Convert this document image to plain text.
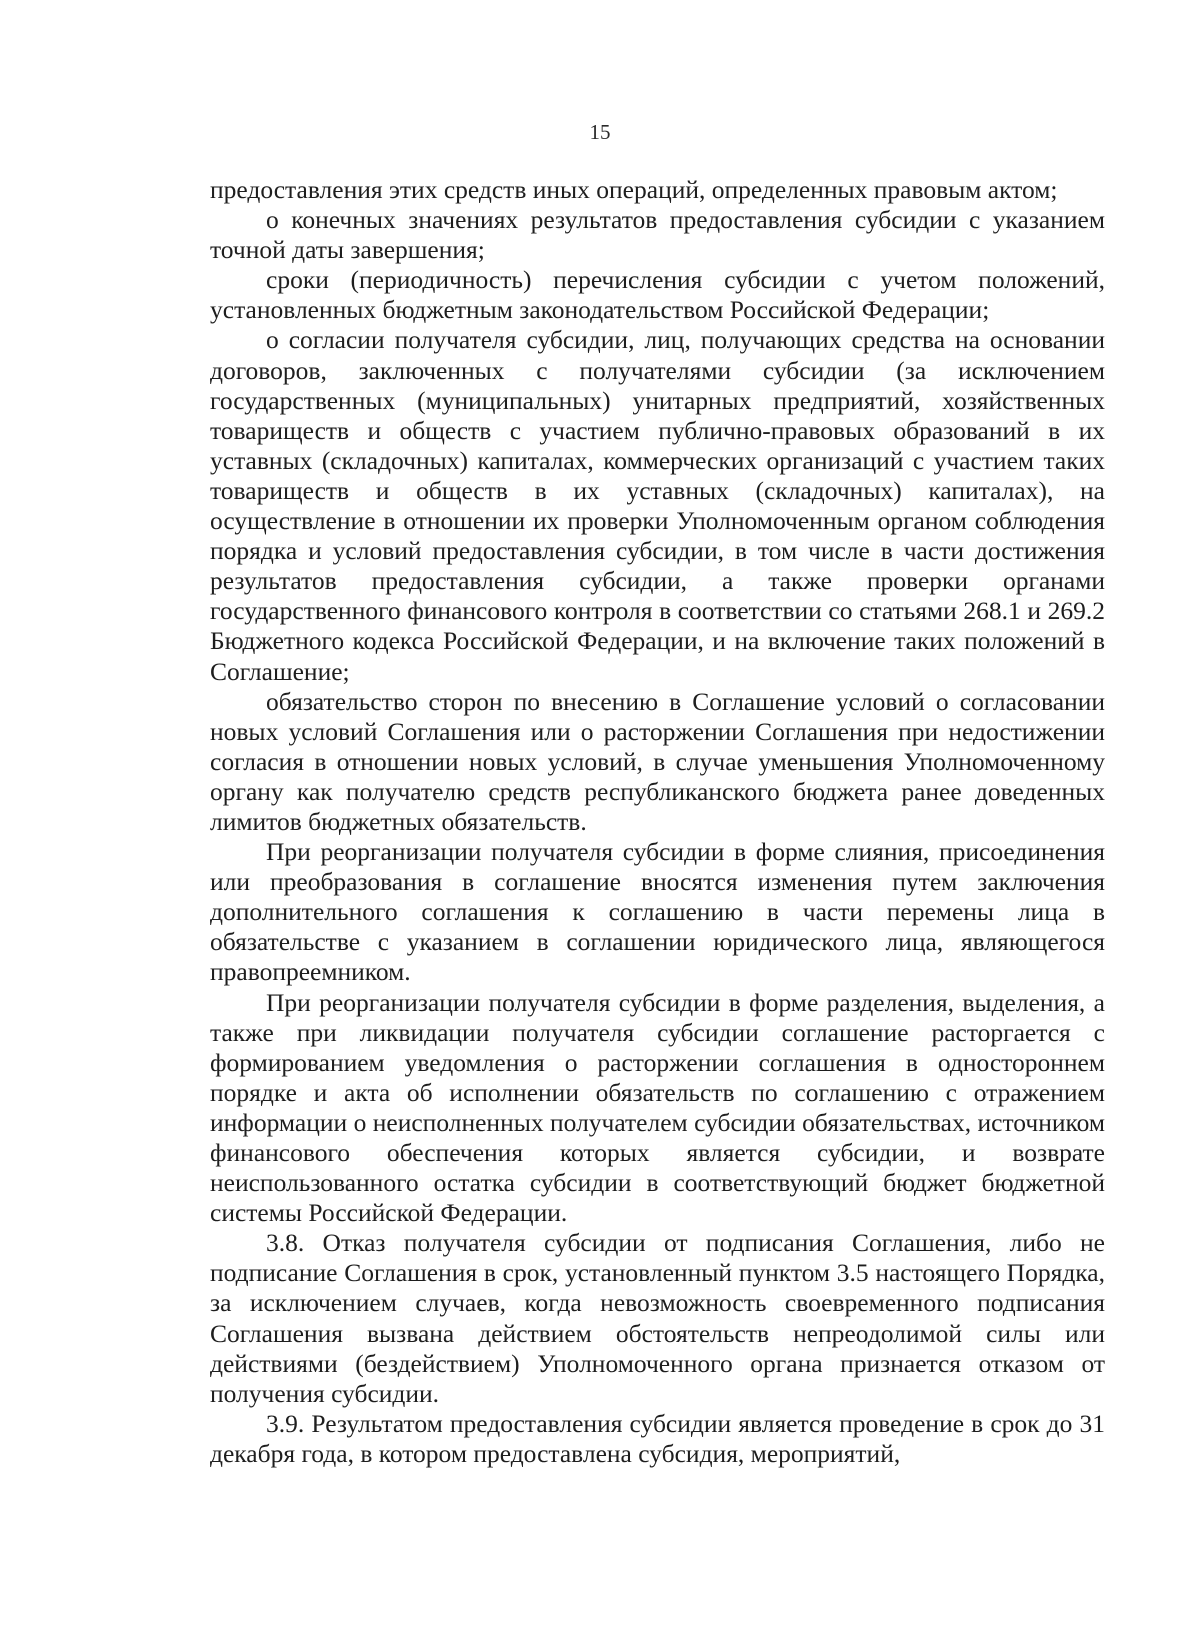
15

предоставления этих средств иных операций, определенных правовым актом;

о конечных значениях результатов предоставления субсидии с указанием точной даты завершения;

сроки (периодичность) перечисления субсидии с учетом положений, установленных бюджетным законодательством Российской Федерации;

о согласии получателя субсидии, лиц, получающих средства на основании договоров, заключенных с получателями субсидии (за исключением государственных (муниципальных) унитарных предприятий, хозяйственных товариществ и обществ с участием публично-правовых образований в их уставных (складочных) капиталах, коммерческих организаций с участием таких товариществ и обществ в их уставных (складочных) капиталах), на осуществление в отношении их проверки Уполномоченным органом соблюдения порядка и условий предоставления субсидии, в том числе в части достижения результатов предоставления субсидии, а также проверки органами государственного финансового контроля в соответствии со статьями 268.1 и 269.2 Бюджетного кодекса Российской Федерации, и на включение таких положений в Соглашение;

обязательство сторон по внесению в Соглашение условий о согласовании новых условий Соглашения или о расторжении Соглашения при недостижении согласия в отношении новых условий, в случае уменьшения Уполномоченному органу как получателю средств республиканского бюджета ранее доведенных лимитов бюджетных обязательств.

При реорганизации получателя субсидии в форме слияния, присоединения или преобразования в соглашение вносятся изменения путем заключения дополнительного соглашения к соглашению в части перемены лица в обязательстве с указанием в соглашении юридического лица, являющегося правопреемником.

При реорганизации получателя субсидии в форме разделения, выделения, а также при ликвидации получателя субсидии соглашение расторгается с формированием уведомления о расторжении соглашения в одностороннем порядке и акта об исполнении обязательств по соглашению с отражением информации о неисполненных получателем субсидии обязательствах, источником финансового обеспечения которых является субсидии, и возврате неиспользованного остатка субсидии в соответствующий бюджет бюджетной системы Российской Федерации.

3.8. Отказ получателя субсидии от подписания Соглашения, либо не подписание Соглашения в срок, установленный пунктом 3.5 настоящего Порядка, за исключением случаев, когда невозможность своевременного подписания Соглашения вызвана действием обстоятельств непреодолимой силы или действиями (бездействием) Уполномоченного органа признается отказом от получения субсидии.

3.9. Результатом предоставления субсидии является проведение в срок до 31 декабря года, в котором предоставлена субсидия, мероприятий,
